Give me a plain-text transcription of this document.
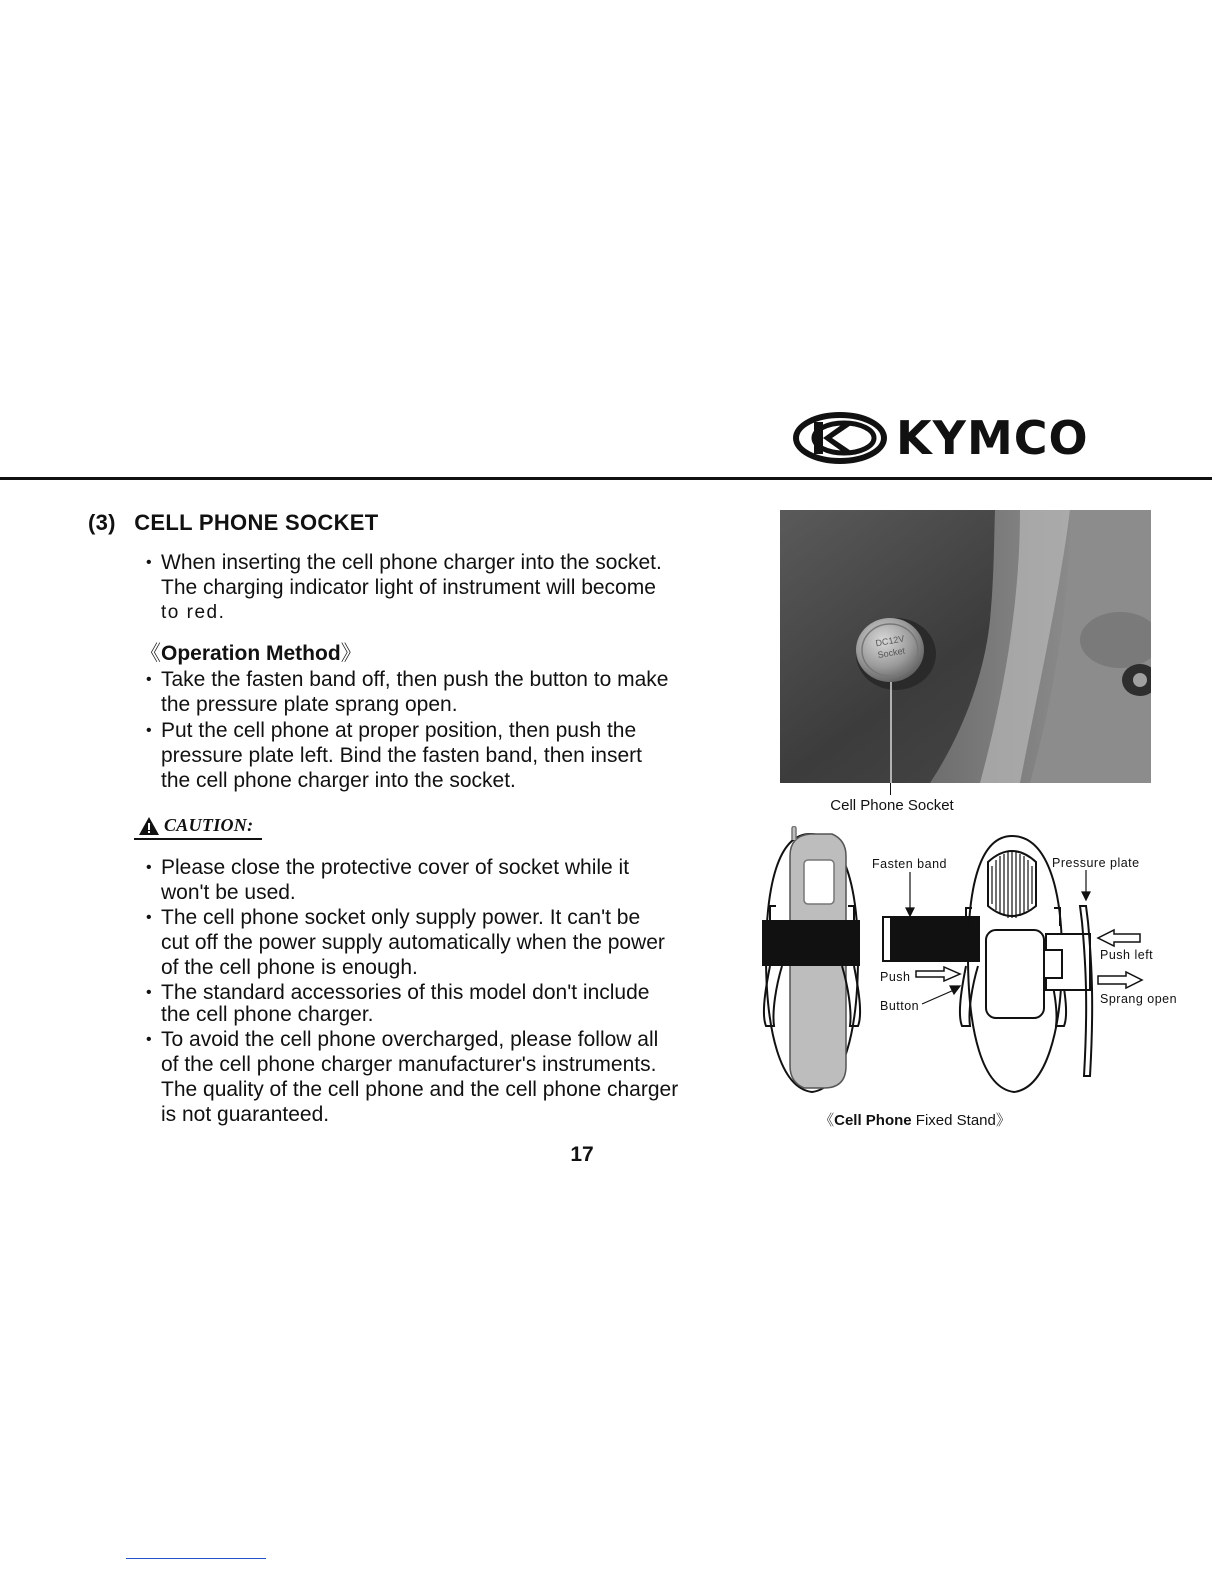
KYMCO
(3) CELL PHONE SOCKET
• When inserting the cell phone charger into the socket.
The charging indicator light of instrument will become
to red.
《Operation Method》
• Take the fasten band off, then push the button to make
the pressure plate sprang open.
• Put the cell phone at proper position, then push the
pressure plate left. Bind the fasten band, then insert
the cell phone charger into the socket.
CAUTION:
• Please close the protective cover of socket while it
won't be used.
• The cell phone socket only supply power. It can't be
cut off the power supply automatically when the power
of the cell phone is enough.
• The standard accessories of this model don't include
the cell phone charger.
• To avoid the cell phone overcharged, please follow all
of the cell phone charger manufacturer's instruments.
The quality of the cell phone and the cell phone charger
is not guaranteed.
DC12V
Socket
Cell Phone Socket
Fasten band	Pressure plate
Push
Button
Push left
Sprang open
《Cell Phone Fixed Stand》
17
